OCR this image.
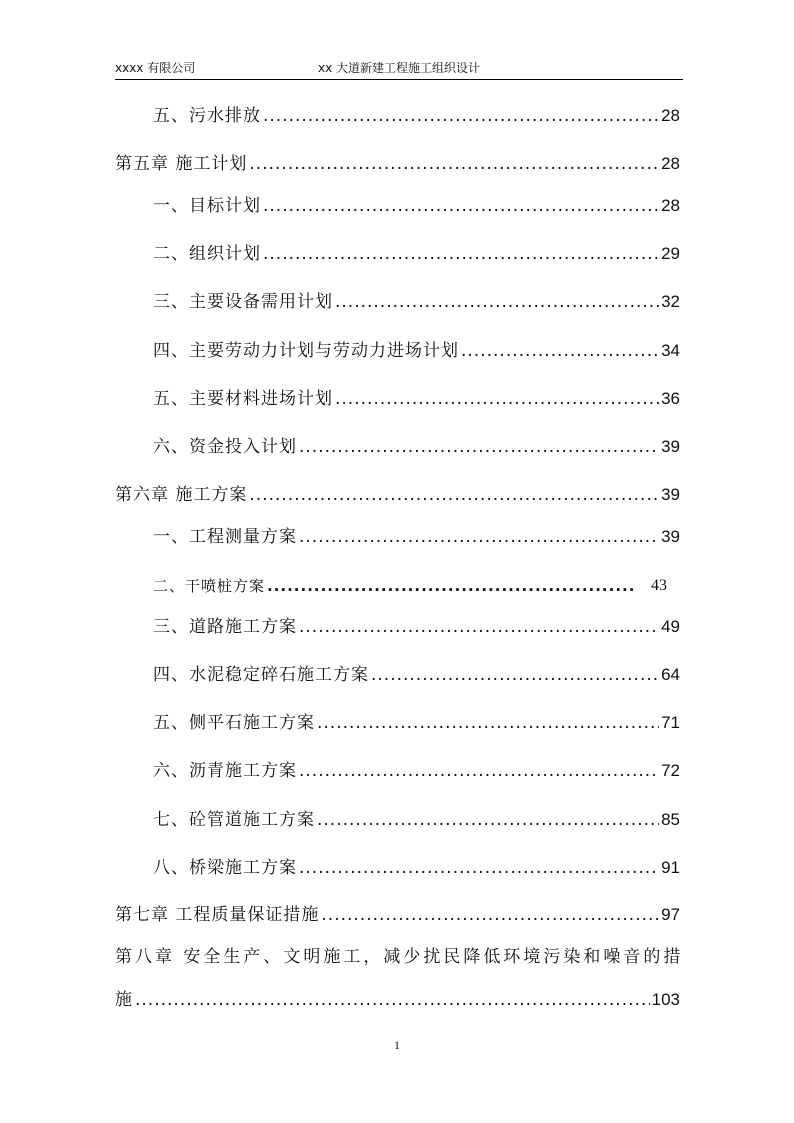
xxxx 有限公司	xx 大道新建工程施工组织设计
五、污水排放 .....	28
第五章 施工计划 .....	28
一、目标计划 .....	28
二、组织计划 .....	29
三、主要设备需用计划 .....	32
四、主要劳动力计划与劳动力进场计划 .....	34
五、主要材料进场计划 .....	36
六、资金投入计划 .....	39
第六章 施工方案 .....	39
一、工程测量方案 .....	39
二、干喷桩方案 .....	43
三、道路施工方案 .....	49
四、水泥稳定碎石施工方案 .....	64
五、侧平石施工方案 .....	71
六、沥青施工方案 .....	72
七、砼管道施工方案 .....	85
八、桥梁施工方案 .....	91
第七章 工程质量保证措施 .....	97
第八章 安全生产、文明施工，减少扰民降低环境污染和噪音的措
施 .....	103
1
